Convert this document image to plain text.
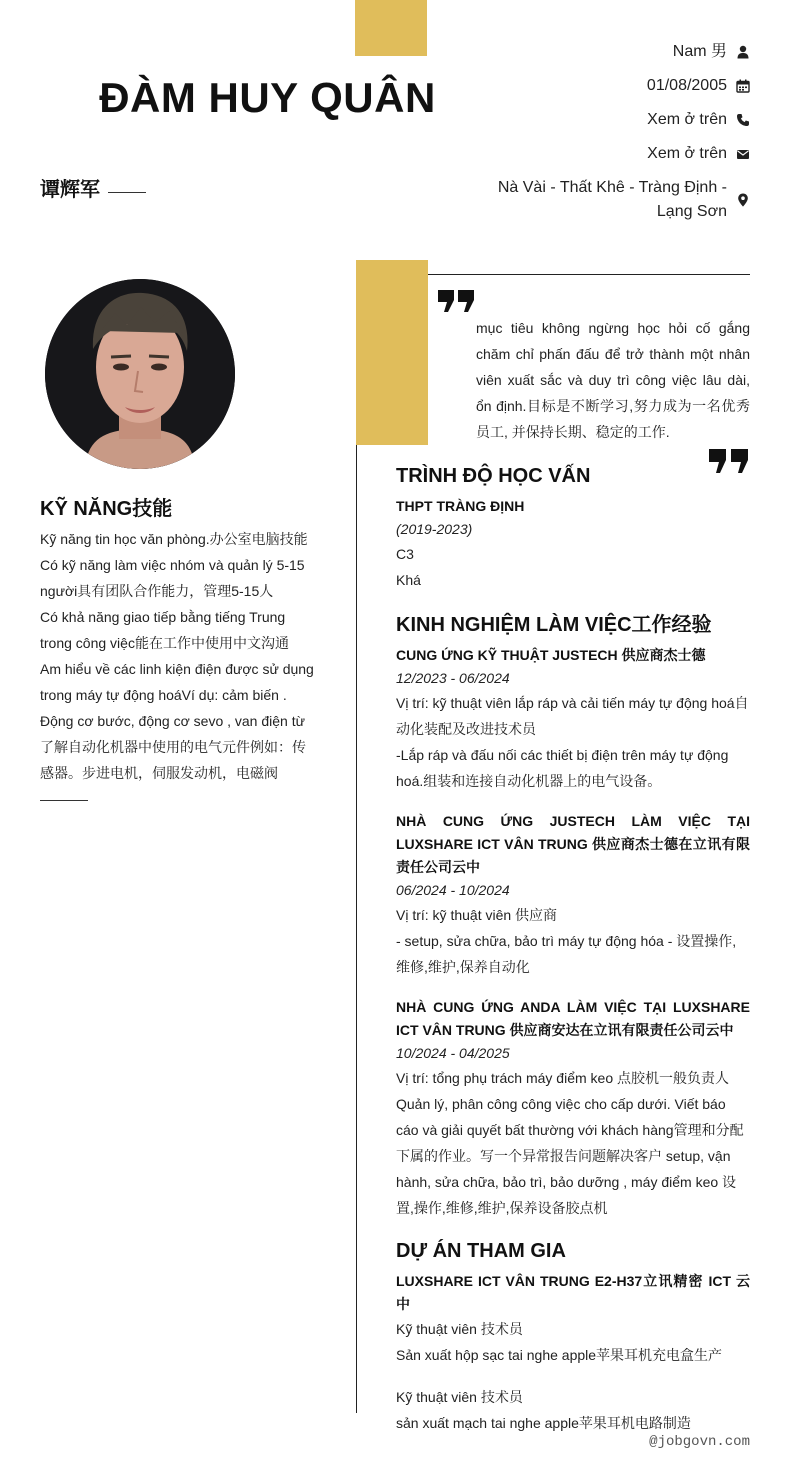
ĐÀM HUY QUÂN
谭辉军
Nam 男
01/08/2005
Xem ở trên
Xem ở trên
Nà Vài - Thất Khê - Tràng Định - Lạng Sơn
mục tiêu không ngừng học hỏi cố gắng chăm chỉ phấn đấu để trở thành một nhân viên xuất sắc và duy trì công việc lâu dài, ổn định.目标是不断学习,努力成为一名优秀员工, 并保持长期、稳定的工作.
KỸ NĂNG技能
Kỹ năng tin học văn phòng.办公室电脑技能
Có kỹ năng làm việc nhóm và quản lý 5-15 người具有团队合作能力，管理5-15人
Có khả năng giao tiếp bằng tiếng Trung trong công việc能在工作中使用中文沟通
Am hiểu về các linh kiện điện được sử dụng trong máy tự động hoáVí dụ: cảm biến . Động cơ bước, động cơ sevo , van điện từ了解自动化机器中使用的电气元件例如：传感器。步进电机，伺服发动机，电磁阀
TRÌNH ĐỘ HỌC VẤN
THPT TRÀNG ĐỊNH
(2019-2023)
C3
Khá
KINH NGHIỆM LÀM VIỆC工作经验
CUNG ỨNG KỸ THUẬT JUSTECH 供应商杰士德
12/2023 - 06/2024
Vị trí: kỹ thuật viên lắp ráp và cải tiến máy tự động hoá自动化装配及改进技术员
-Lắp ráp và đấu nối các thiết bị điện trên máy tự động hoá.组装和连接自动化机器上的电气设备。
NHÀ CUNG ỨNG JUSTECH LÀM VIỆC TẠI LUXSHARE ICT VÂN TRUNG 供应商杰士德在立讯有限责任公司云中
06/2024 - 10/2024
Vị trí: kỹ thuật viên 供应商
- setup, sửa chữa, bảo trì máy tự động hóa - 设置操作,维修,维护,保养自动化
NHÀ CUNG ỨNG ANDA LÀM VIỆC TẠI LUXSHARE ICT VÂN TRUNG 供应商安达在立讯有限责任公司云中
10/2024 - 04/2025
Vị trí: tổng phụ trách máy điểm keo 点胶机一般负责人
Quản lý, phân công công việc cho cấp dưới. Viết báo cáo và giải quyết bất thường với khách hàng管理和分配下属的作业。写一个异常报告问题解决客户 setup, vận hành, sửa chữa, bảo trì, bảo dưỡng , máy điểm keo 设置,操作,维修,维护,保养设备胶点机
DỰ ÁN THAM GIA
LUXSHARE ICT VÂN TRUNG E2-H37立讯精密 ICT 云中
Kỹ thuật viên 技术员
Sản xuất hộp sạc tai nghe apple苹果耳机充电盒生产
Kỹ thuật viên 技术员
sản xuất mạch tai nghe apple苹果耳机电路制造
@jobgovn.com
